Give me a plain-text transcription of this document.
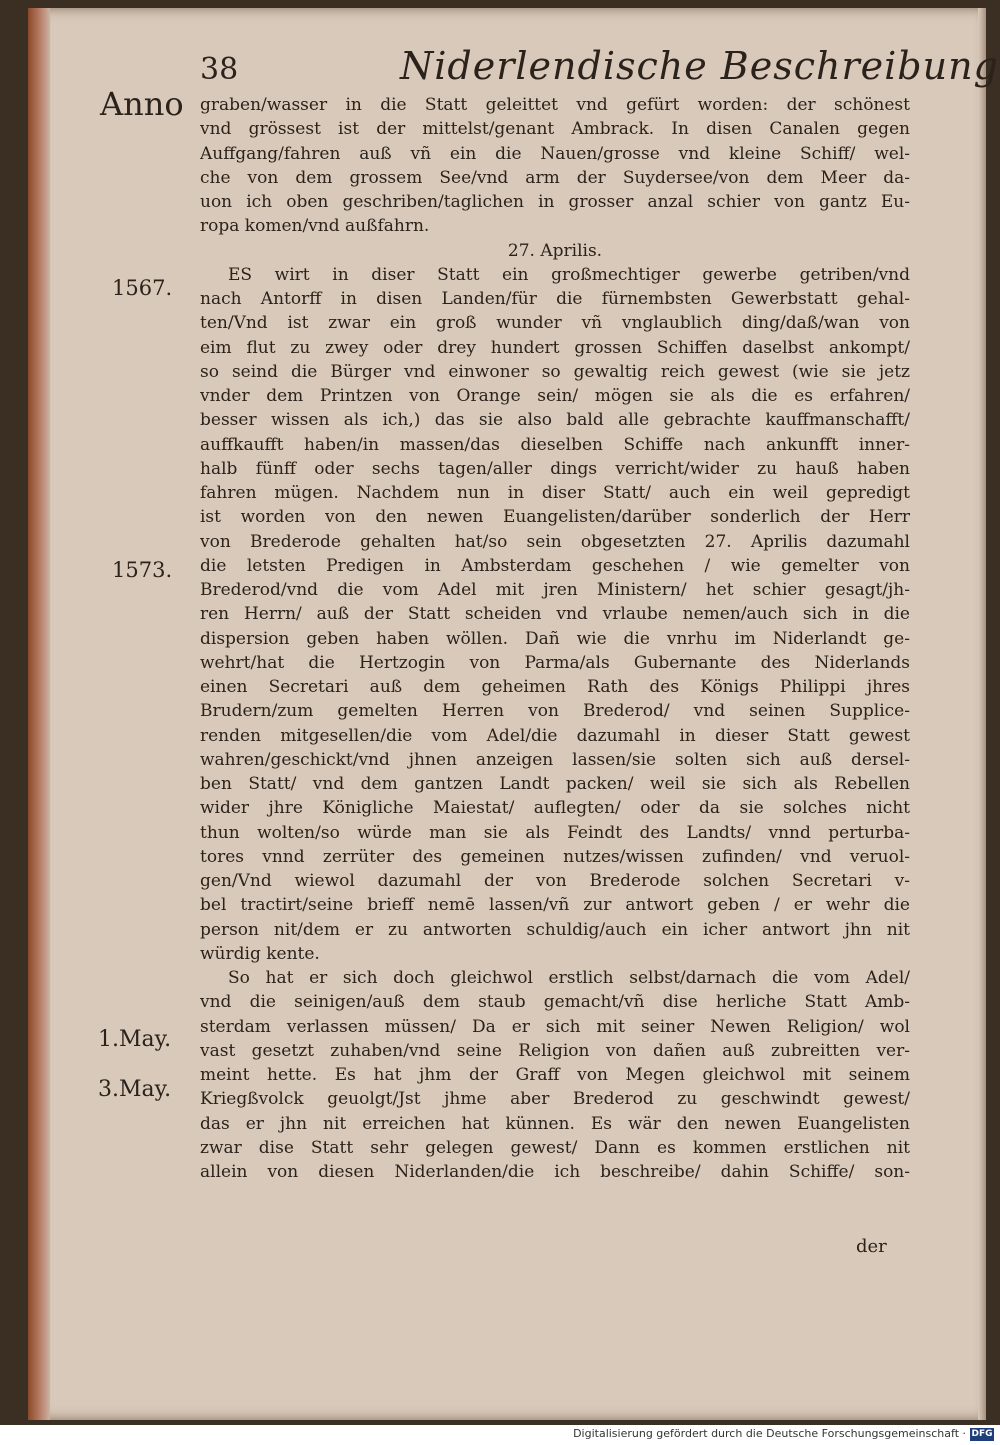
38	Niderlendische Beschreibung
Anno
1567.
1573.
1.May.
3.May.
graben/wasser in die Statt geleittet vnd gefürt worden: der schönest
vnd grössest ist der mittelst/genant Ambrack. In disen Canalen gegen
Auffgang/fahren auß vñ ein die Nauen/grosse vnd kleine Schiff/ wel-
che von dem grossem See/vnd arm der Suydersee/von dem Meer da-
uon ich oben geschriben/taglichen in grosser anzal schier von gantz Eu-
ropa komen/vnd außfahrn.
27. Aprilis.
ES wirt in diser Statt ein großmechtiger gewerbe getriben/vnd
nach Antorff in disen Landen/für die fürnembsten Gewerbstatt gehal-
ten/Vnd ist zwar ein groß wunder vñ vnglaublich ding/daß/wan von
eim flut zu zwey oder drey hundert grossen Schiffen daselbst ankompt/
so seind die Bürger vnd einwoner so gewaltig reich gewest (wie sie jetz
vnder dem Printzen von Orange sein/ mögen sie als die es erfahren/
besser wissen als ich,) das sie also bald alle gebrachte kauffmanschafft/
auffkaufft haben/in massen/das dieselben Schiffe nach ankunfft inner-
halb fünff oder sechs tagen/aller dings verricht/wider zu hauß haben
fahren mügen. Nachdem nun in diser Statt/ auch ein weil gepredigt
ist worden von den newen Euangelisten/darüber sonderlich der Herr
von Brederode gehalten hat/so sein obgesetzten 27. Aprilis dazumahl
die letsten Predigen in Ambsterdam geschehen / wie gemelter von
Brederod/vnd die vom Adel mit jren Ministern/ het schier gesagt/jh-
ren Herrn/ auß der Statt scheiden vnd vrlaube nemen/auch sich in die
dispersion geben haben wöllen. Dañ wie die vnrhu im Niderlandt ge-
wehrt/hat die Hertzogin von Parma/als Gubernante des Niderlands
einen Secretari auß dem geheimen Rath des Königs Philippi jhres
Brudern/zum gemelten Herren von Brederod/ vnd seinen Supplice-
renden mitgesellen/die vom Adel/die dazumahl in dieser Statt gewest
wahren/geschickt/vnd jhnen anzeigen lassen/sie solten sich auß dersel-
ben Statt/ vnd dem gantzen Landt packen/ weil sie sich als Rebellen
wider jhre Königliche Maiestat/ auflegten/ oder da sie solches nicht
thun wolten/so würde man sie als Feindt des Landts/ vnnd perturba-
tores vnnd zerrüter des gemeinen nutzes/wissen zufinden/ vnd veruol-
gen/Vnd wiewol dazumahl der von Brederode solchen Secretari v-
bel tractirt/seine brieff nemē lassen/vñ zur antwort geben / er wehr die
person nit/dem er zu antworten schuldig/auch ein icher antwort jhn nit
würdig kente.
So hat er sich doch gleichwol erstlich selbst/darnach die vom Adel/
vnd die seinigen/auß dem staub gemacht/vñ dise herliche Statt Amb-
sterdam verlassen müssen/ Da er sich mit seiner Newen Religion/ wol
vast gesetzt zuhaben/vnd seine Religion von dañen auß zubreitten ver-
meint hette. Es hat jhm der Graff von Megen gleichwol mit seinem
Kriegßvolck geuolgt/Jst jhme aber Brederod zu geschwindt gewest/
das er jhn nit erreichen hat künnen. Es wär den newen Euangelisten
zwar dise Statt sehr gelegen gewest/ Dann es kommen erstlichen nit
allein von diesen Niderlanden/die ich beschreibe/ dahin Schiffe/ son-
der
Digitalisierung gefördert durch die Deutsche Forschungsgemeinschaft · DFG
